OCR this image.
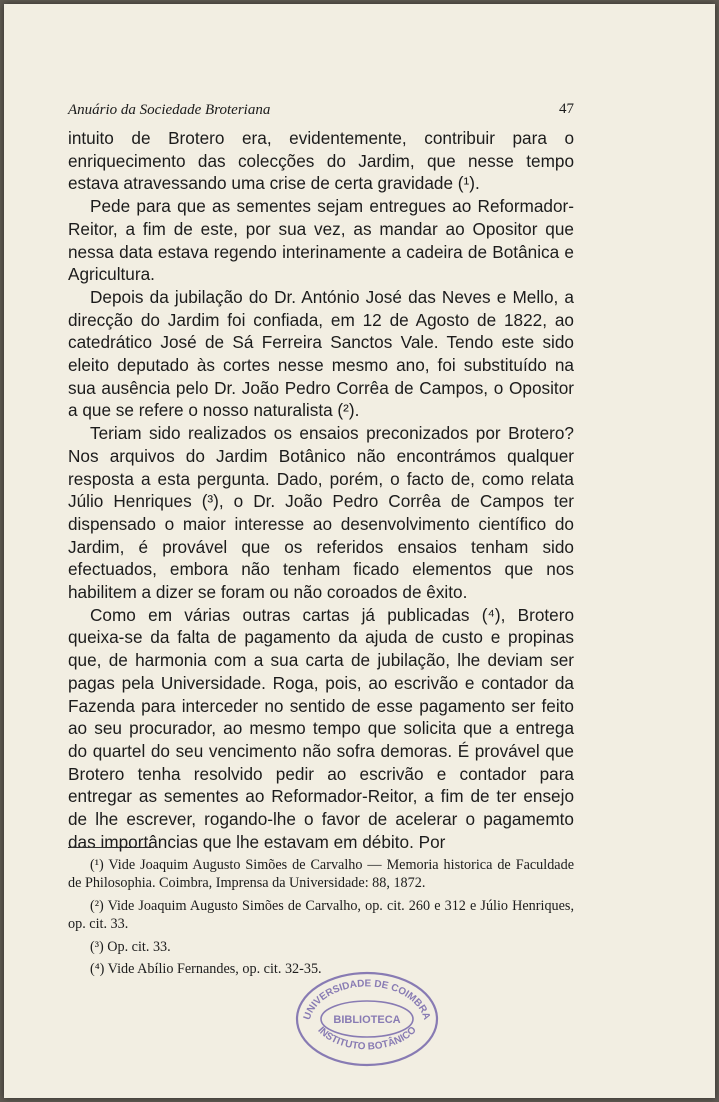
Anuário da Sociedade Broteriana	47

intuito de Brotero era, evidentemente, contribuir para o enriquecimento das colecções do Jardim, que nesse tempo estava atravessando uma crise de certa gravidade (¹).

Pede para que as sementes sejam entregues ao Reformador-Reitor, a fim de este, por sua vez, as mandar ao Opositor que nessa data estava regendo interinamente a cadeira de Botânica e Agricultura.

Depois da jubilação do Dr. António José das Neves e Mello, a direcção do Jardim foi confiada, em 12 de Agosto de 1822, ao catedrático José de Sá Ferreira Sanctos Vale. Tendo este sido eleito deputado às cortes nesse mesmo ano, foi substituído na sua ausência pelo Dr. João Pedro Corrêa de Campos, o Opositor a que se refere o nosso naturalista (²).

Teriam sido realizados os ensaios preconizados por Brotero? Nos arquivos do Jardim Botânico não encontrámos qualquer resposta a esta pergunta. Dado, porém, o facto de, como relata Júlio Henriques (³), o Dr. João Pedro Corrêa de Campos ter dispensado o maior interesse ao desenvolvimento científico do Jardim, é provável que os referidos ensaios tenham sido efectuados, embora não tenham ficado elementos que nos habilitem a dizer se foram ou não coroados de êxito.

Como em várias outras cartas já publicadas (⁴), Brotero queixa-se da falta de pagamento da ajuda de custo e propinas que, de harmonia com a sua carta de jubilação, lhe deviam ser pagas pela Universidade. Roga, pois, ao escrivão e contador da Fazenda para interceder no sentido de esse pagamento ser feito ao seu procurador, ao mesmo tempo que solicita que a entrega do quartel do seu vencimento não sofra demoras. É provável que Brotero tenha resolvido pedir ao escrivão e contador para entregar as sementes ao Reformador-Reitor, a fim de ter ensejo de lhe escrever, rogando-lhe o favor de acelerar o pagamemto das importâncias que lhe estavam em débito. Por

(¹) Vide Joaquim Augusto Simões de Carvalho — Memoria historica de Faculdade de Philosophia. Coimbra, Imprensa da Universidade: 88, 1872.

(²) Vide Joaquim Augusto Simões de Carvalho, op. cit. 260 e 312 e Júlio Henriques, op. cit. 33.

(³) Op. cit. 33.

(⁴) Vide Abílio Fernandes, op. cit. 32-35.

UNIVERSIDADE DE COIMBRA
BIBLIOTECA
INSTITUTO BOTÂNICO
